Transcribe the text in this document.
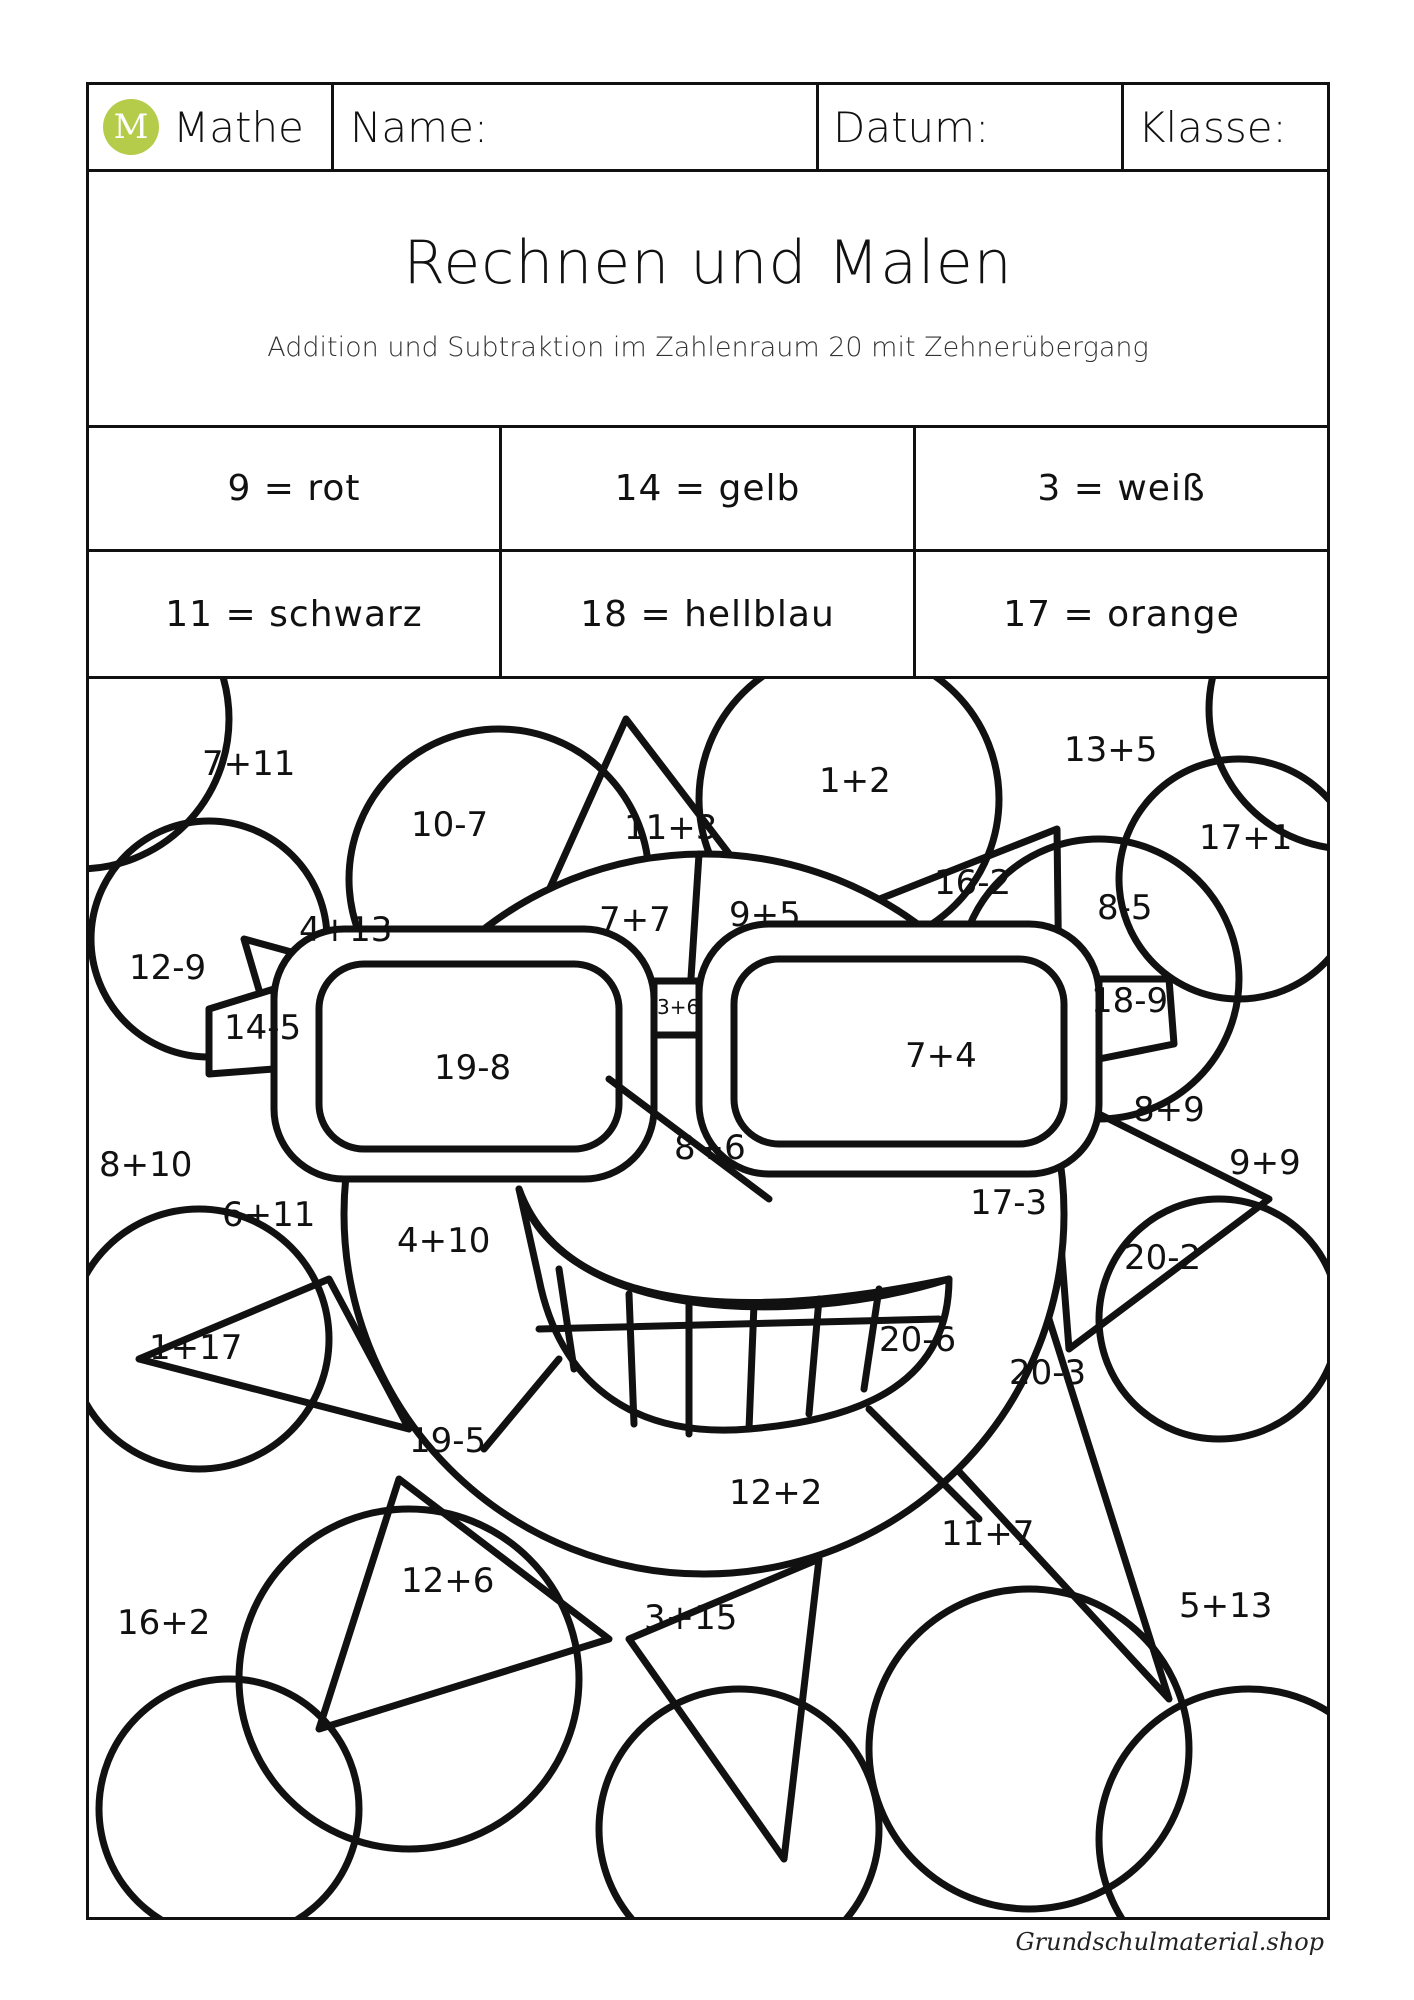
M Mathe Name:	Datum:	Klasse:
Rechnen und Malen
Addition und Subtraktion im Zahlenraum 20 mit Zehnerübergang
9 = rot	14 = gelb	3 = weiß
11 = schwarz	18 = hellblau	17 = orange
7+11
10-7	11+3
1+2
13+5
17+1
4+13	7+7 9+5
16-2
8-5
12-9
14-5
3+6
19-8	7+4
18-9
8+9
8+6
8+10
6+11
4+10
17-3
9+9
20-2
1+17	20-6
20-3
19-5
12+2
11+7
12+6
16+2	3+15	5+13
Grundschulmaterial.shop
